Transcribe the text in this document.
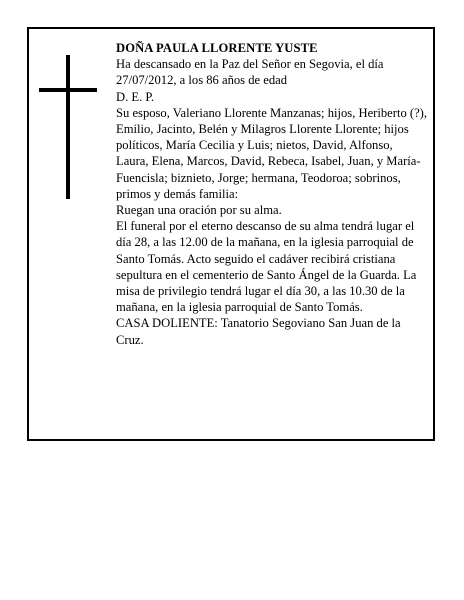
DOÑA PAULA LLORENTE YUSTE

Ha descansado en la Paz del Señor en Segovia, el día 27/07/2012, a los 86 años de edad

D. E. P.

Su esposo, Valeriano Llorente Manzanas; hijos, Heriberto (?), Emilio, Jacinto, Belén y Milagros Llorente Llorente; hijos políticos, María Cecilia y Luis; nietos, David, Alfonso, Laura, Elena, Marcos, David, Rebeca, Isabel, Juan, y María-Fuencisla; biznieto, Jorge; hermana, Teodoroa; sobrinos, primos y demás familia:

Ruegan una oración por su alma.

El funeral por el eterno descanso de su alma tendrá lugar el día 28, a las 12.00 de la mañana, en la iglesia parroquial de Santo Tomás. Acto seguido el cadáver recibirá cristiana sepultura en el cementerio de Santo Ángel de la Guarda. La misa de privilegio tendrá lugar el día 30, a las 10.30 de la mañana, en la iglesia parroquial de Santo Tomás.

CASA DOLIENTE: Tanatorio Segoviano San Juan de la Cruz.
